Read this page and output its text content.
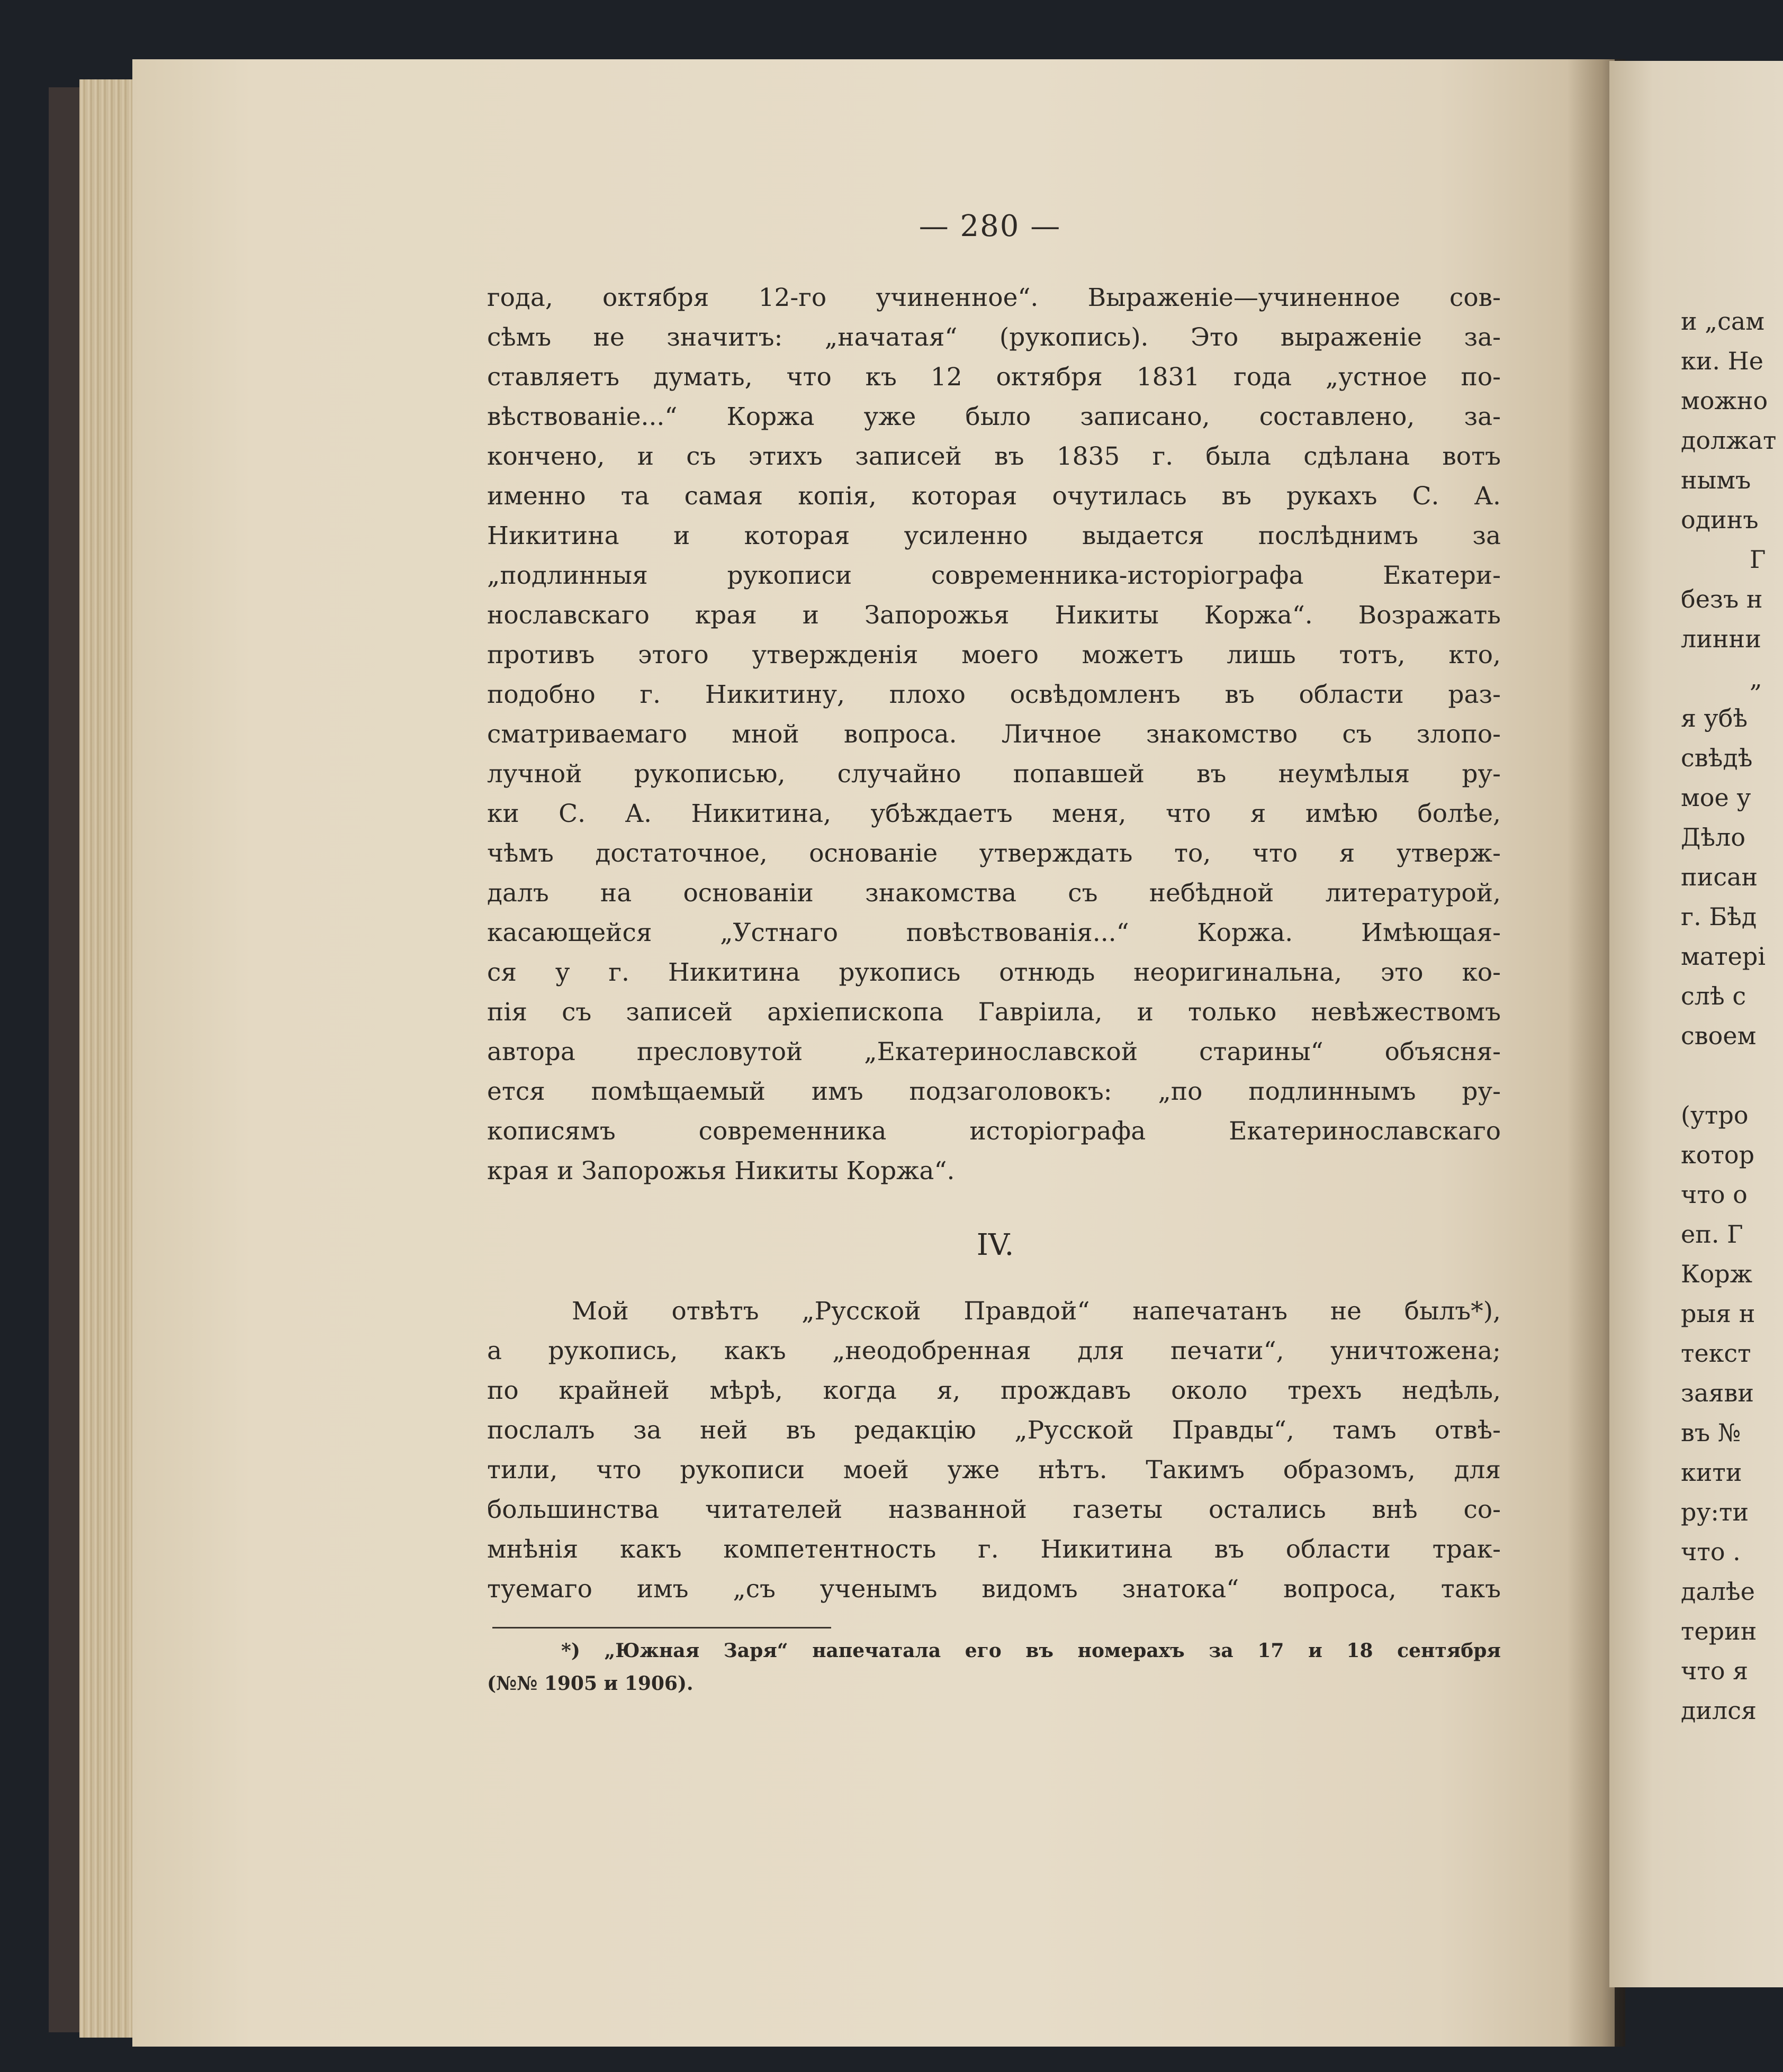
— 280 —
года, октября 12-го учиненное“. Выраженіе—учиненное сов-
сѣмъ не значитъ: „начатая“ (рукопись). Это выраженіе за-
ставляетъ думать, что къ 12 октября 1831 года „устное по-
вѣствованіе...“ Коржа уже было записано, составлено, за-
кончено, и съ этихъ записей въ 1835 г. была сдѣлана вотъ
именно та самая копія, которая очутилась въ рукахъ С. А.
Никитина и которая усиленно выдается послѣднимъ за
„подлинныя рукописи современника-исторіографа Екатери-
нославскаго края и Запорожья Никиты Коржа“. Возражать
противъ этого утвержденія моего можетъ лишь тотъ, кто,
подобно г. Никитину, плохо освѣдомленъ въ области раз-
сматриваемаго мной вопроса. Личное знакомство съ злопо-
лучной рукописью, случайно попавшей въ неумѣлыя ру-
ки С. А. Никитина, убѣждаетъ меня, что я имѣю болѣе,
чѣмъ достаточное, основаніе утверждать то, что я утверж-
далъ на основаніи знакомства съ небѣдной литературой,
касающейся „Устнаго повѣствованія...“ Коржа. Имѣющая-
ся у г. Никитина рукопись отнюдь неоригинальна, это ко-
пія съ записей архіепископа Гавріила, и только невѣжествомъ
автора пресловутой „Екатеринославской старины“ объясня-
ется помѣщаемый имъ подзаголовокъ: „по подлиннымъ ру-
кописямъ современника исторіографа Екатеринославскаго
края и Запорожья Никиты Коржа“.
IV.
Мой отвѣтъ „Русской Правдой“ напечатанъ не былъ*),
а рукопись, какъ „неодобренная для печати“, уничтожена;
по крайней мѣрѣ, когда я, прождавъ около трехъ недѣль,
послалъ за ней въ редакцію „Русской Правды“, тамъ отвѣ-
тили, что рукописи моей уже нѣтъ. Такимъ образомъ, для
большинства читателей названной газеты остались внѣ со-
мнѣнія какъ компетентность г. Никитина въ области трак-
туемаго имъ „съ ученымъ видомъ знатока“ вопроса, такъ
*) „Южная Заря“ напечатала его въ номерахъ за 17 и 18 сентября
(№№ 1905 и 1906).
и „сам
ки. Не
можно
должат
нымъ
одинъ
Г
безъ н
линни
„
я убѣ
свѣдѣ
мое у
Дѣло
писан
г. Бѣд
матерi
слѣ с
своем
(утро
котор
что о
еп. Г
Корж
рыя н
текст
заяви
въ №
кити
ру:ти
что .
далѣе
терин
что я
дился
